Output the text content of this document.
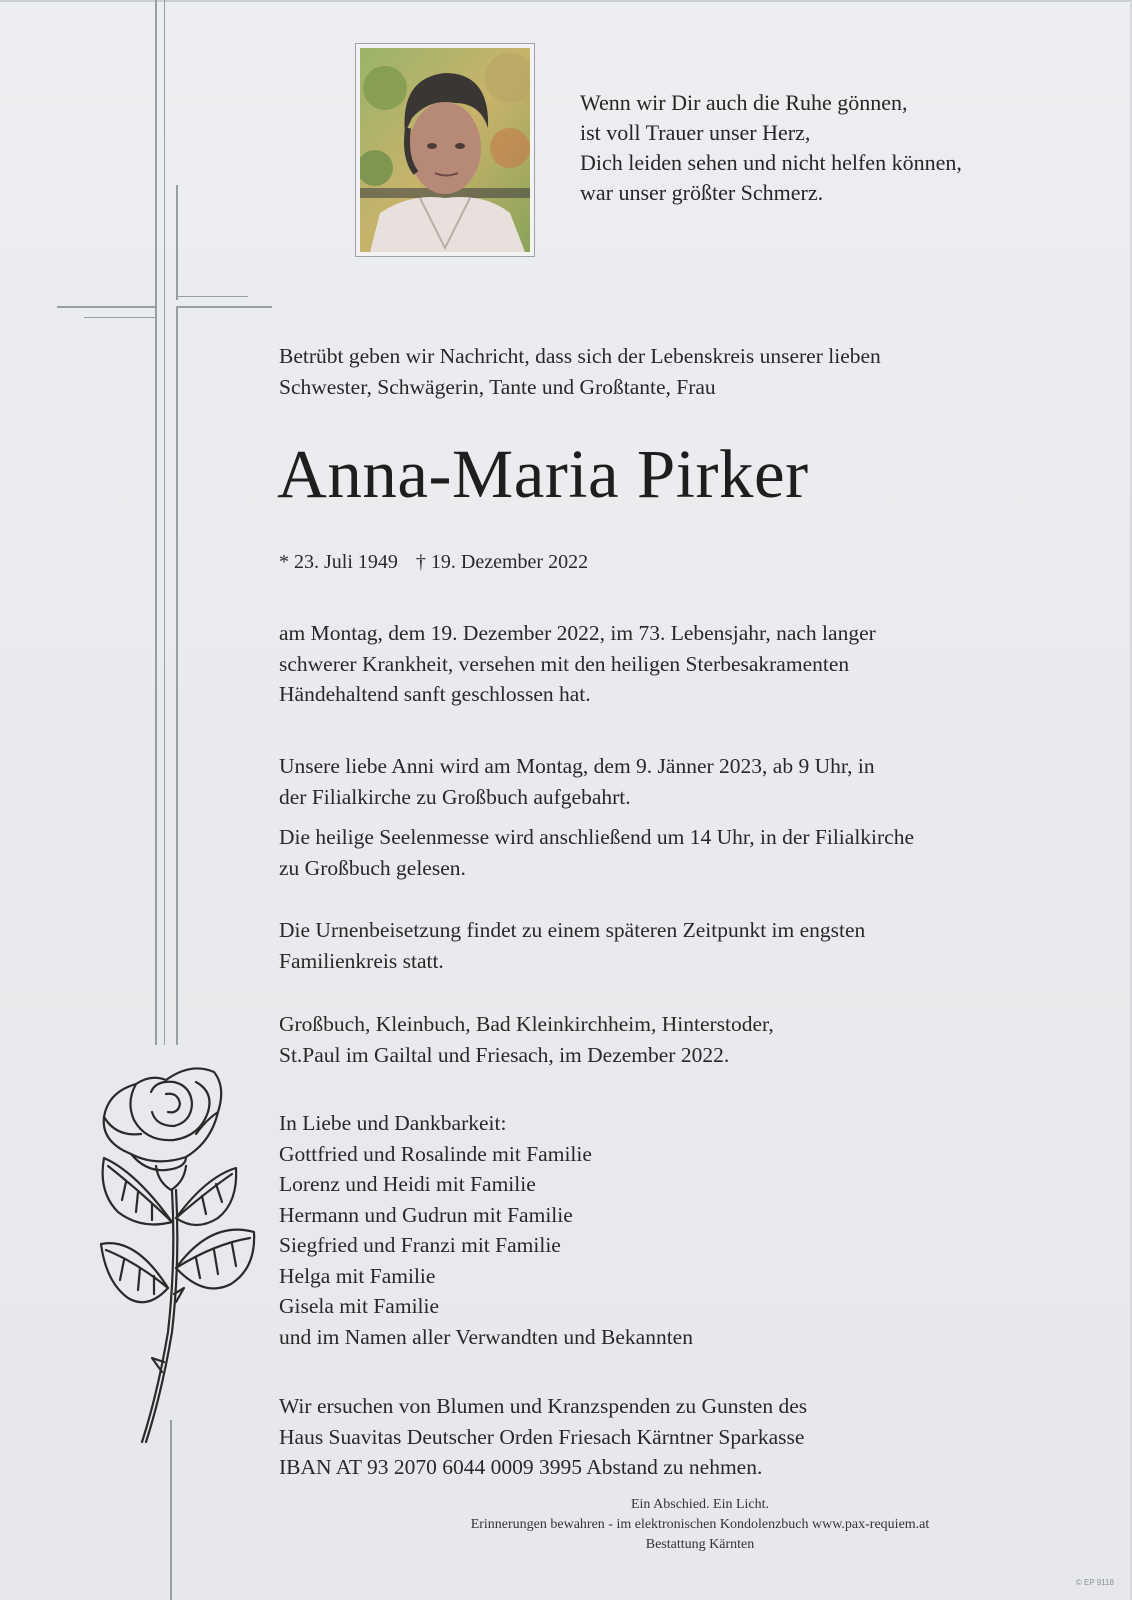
Wenn wir Dir auch die Ruhe gönnen,
ist voll Trauer unser Herz,
Dich leiden sehen und nicht helfen können,
war unser größter Schmerz.
Betrübt geben wir Nachricht, dass sich der Lebenskreis unserer lieben
Schwester, Schwägerin, Tante und Großtante, Frau
Anna-Maria Pirker
* 23. Juli 1949 † 19. Dezember 2022
am Montag, dem 19. Dezember 2022, im 73. Lebensjahr, nach langer
schwerer Krankheit, versehen mit den heiligen Sterbesakramenten
Händehaltend sanft geschlossen hat.
Unsere liebe Anni wird am Montag, dem 9. Jänner 2023, ab 9 Uhr, in
der Filialkirche zu Großbuch aufgebahrt.
Die heilige Seelenmesse wird anschließend um 14 Uhr, in der Filialkirche
zu Großbuch gelesen.
Die Urnenbeisetzung findet zu einem späteren Zeitpunkt im engsten
Familienkreis statt.
Großbuch, Kleinbuch, Bad Kleinkirchheim, Hinterstoder,
St.Paul im Gailtal und Friesach, im Dezember 2022.
In Liebe und Dankbarkeit:
Gottfried und Rosalinde mit Familie
Lorenz und Heidi mit Familie
Hermann und Gudrun mit Familie
Siegfried und Franzi mit Familie
Helga mit Familie
Gisela mit Familie
und im Namen aller Verwandten und Bekannten
Wir ersuchen von Blumen und Kranzspenden zu Gunsten des
Haus Suavitas Deutscher Orden Friesach Kärntner Sparkasse
IBAN AT 93 2070 6044 0009 3995 Abstand zu nehmen.
Ein Abschied. Ein Licht.
Erinnerungen bewahren - im elektronischen Kondolenzbuch www.pax-requiem.at
Bestattung Kärnten
© EP 9118
